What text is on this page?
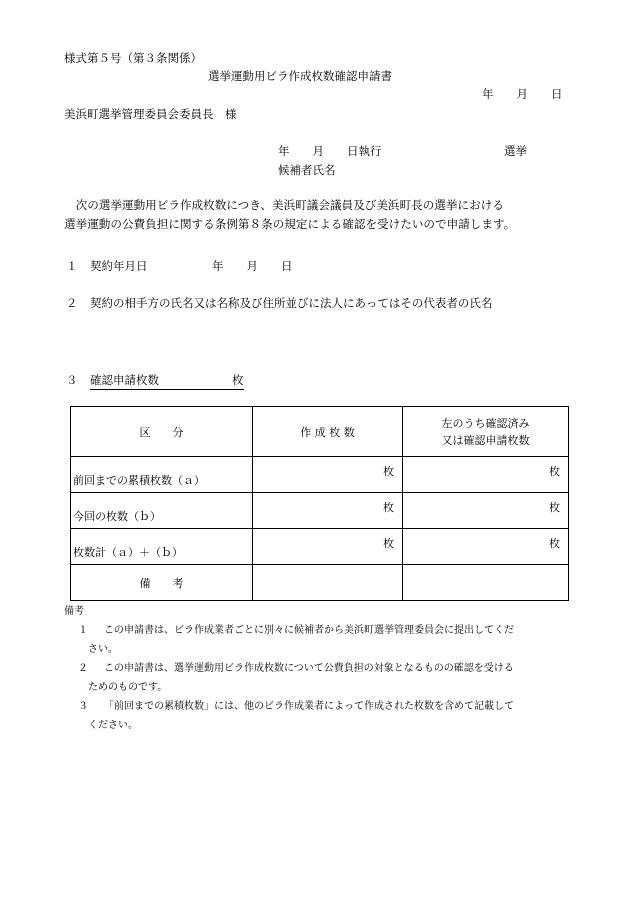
様式第５号（第３条関係）
選挙運動用ビラ作成枚数確認申請書
年　　月　　日
美浜町選挙管理委員会委員長　様
年　　月　　日執行	選挙
候補者氏名
　次の選挙運動用ビラ作成枚数につき、美浜町議会議員及び美浜町長の選挙における
選挙運動の公費負担に関する条例第８条の規定による確認を受けたいので申請します。
１ 契約年月日	年　　月　　日
２ 契約の相手方の氏名又は名称及び住所並びに法人にあってはその代表者の氏名
３ 確認申請枚数	枚
区　　分	作 成 枚 数	左のうち確認済み
又は確認申請枚数

前回までの累積枚数（ａ）	枚	枚

今回の枚数（ｂ）	枚	枚

枚数計（ａ）＋（ｂ）	枚	枚

備　　考		
備考
１	この申請書は、ビラ作成業者ごとに別々に候補者から美浜町選挙管理委員会に提出してくだ
さい。
２	この申請書は、選挙運動用ビラ作成枚数について公費負担の対象となるものの確認を受ける
ためのものです。
３	「前回までの累積枚数」には、他のビラ作成業者によって作成された枚数を含めて記載して
ください。
